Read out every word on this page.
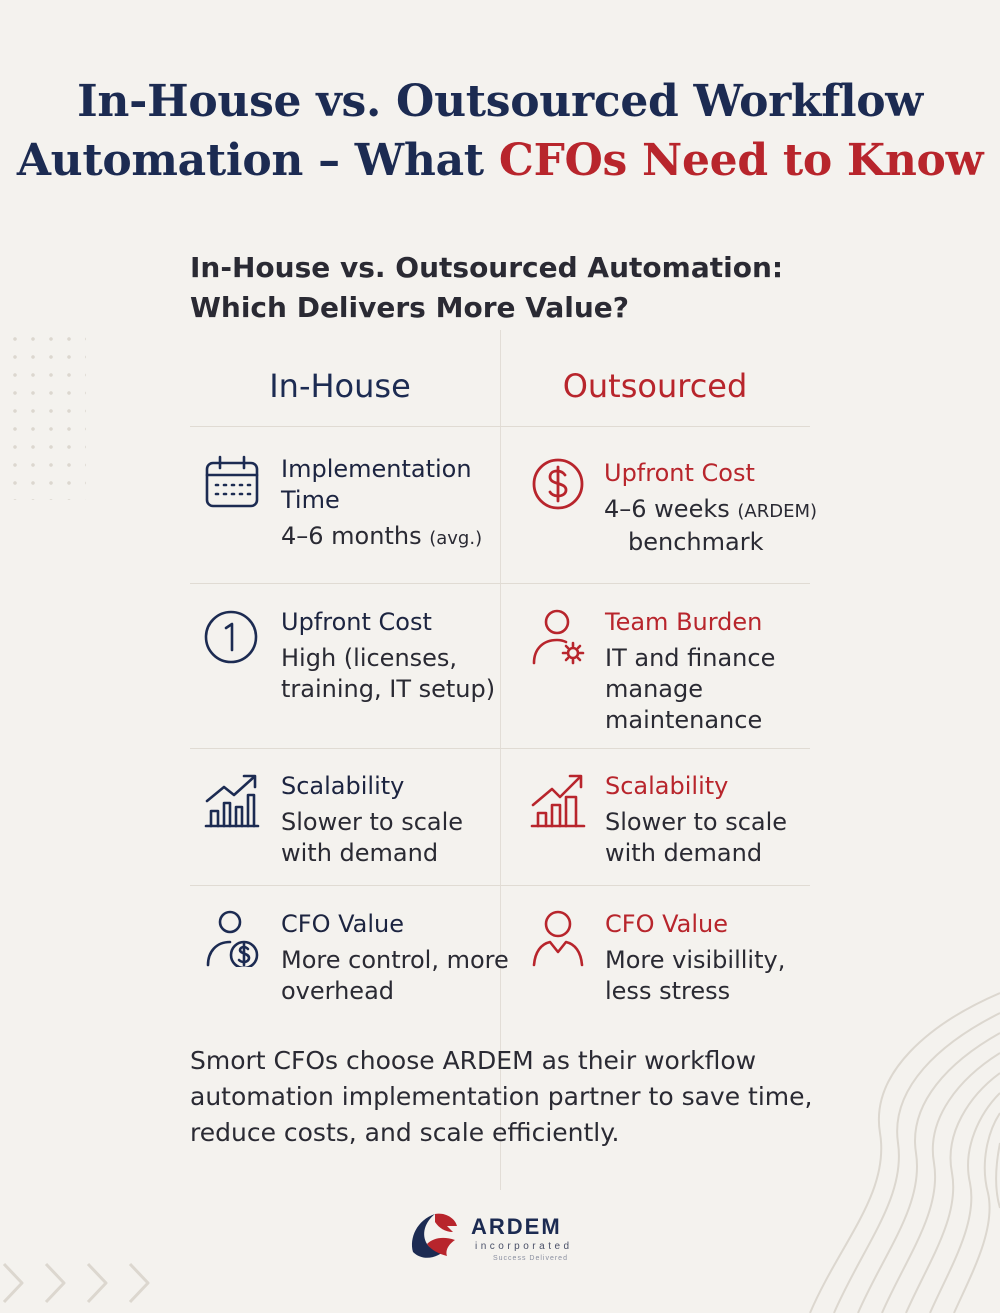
In-House vs. Outsourced Workflow
Automation – What CFOs Need to Know
In-House vs. Outsourced Automation:
Which Delivers More Value?
In-House	Outsourced
Implementation Time
4–6 months (avg.)
Upfront Cost
4–6 weeks (ARDEM)
benchmark
Upfront Cost
High (licenses, training, IT setup)
Team Burden
IT and finance manage maintenance
Scalability
Slower to scale with demand
Scalability
Slower to scale with demand
CFO Value
More control, more overhead
CFO Value
More visibillity, less stress

Smort CFOs choose ARDEM as their workflow automation implementation partner to save time, reduce costs, and scale efficiently.

ARDEM
incorporated
Success Delivered
